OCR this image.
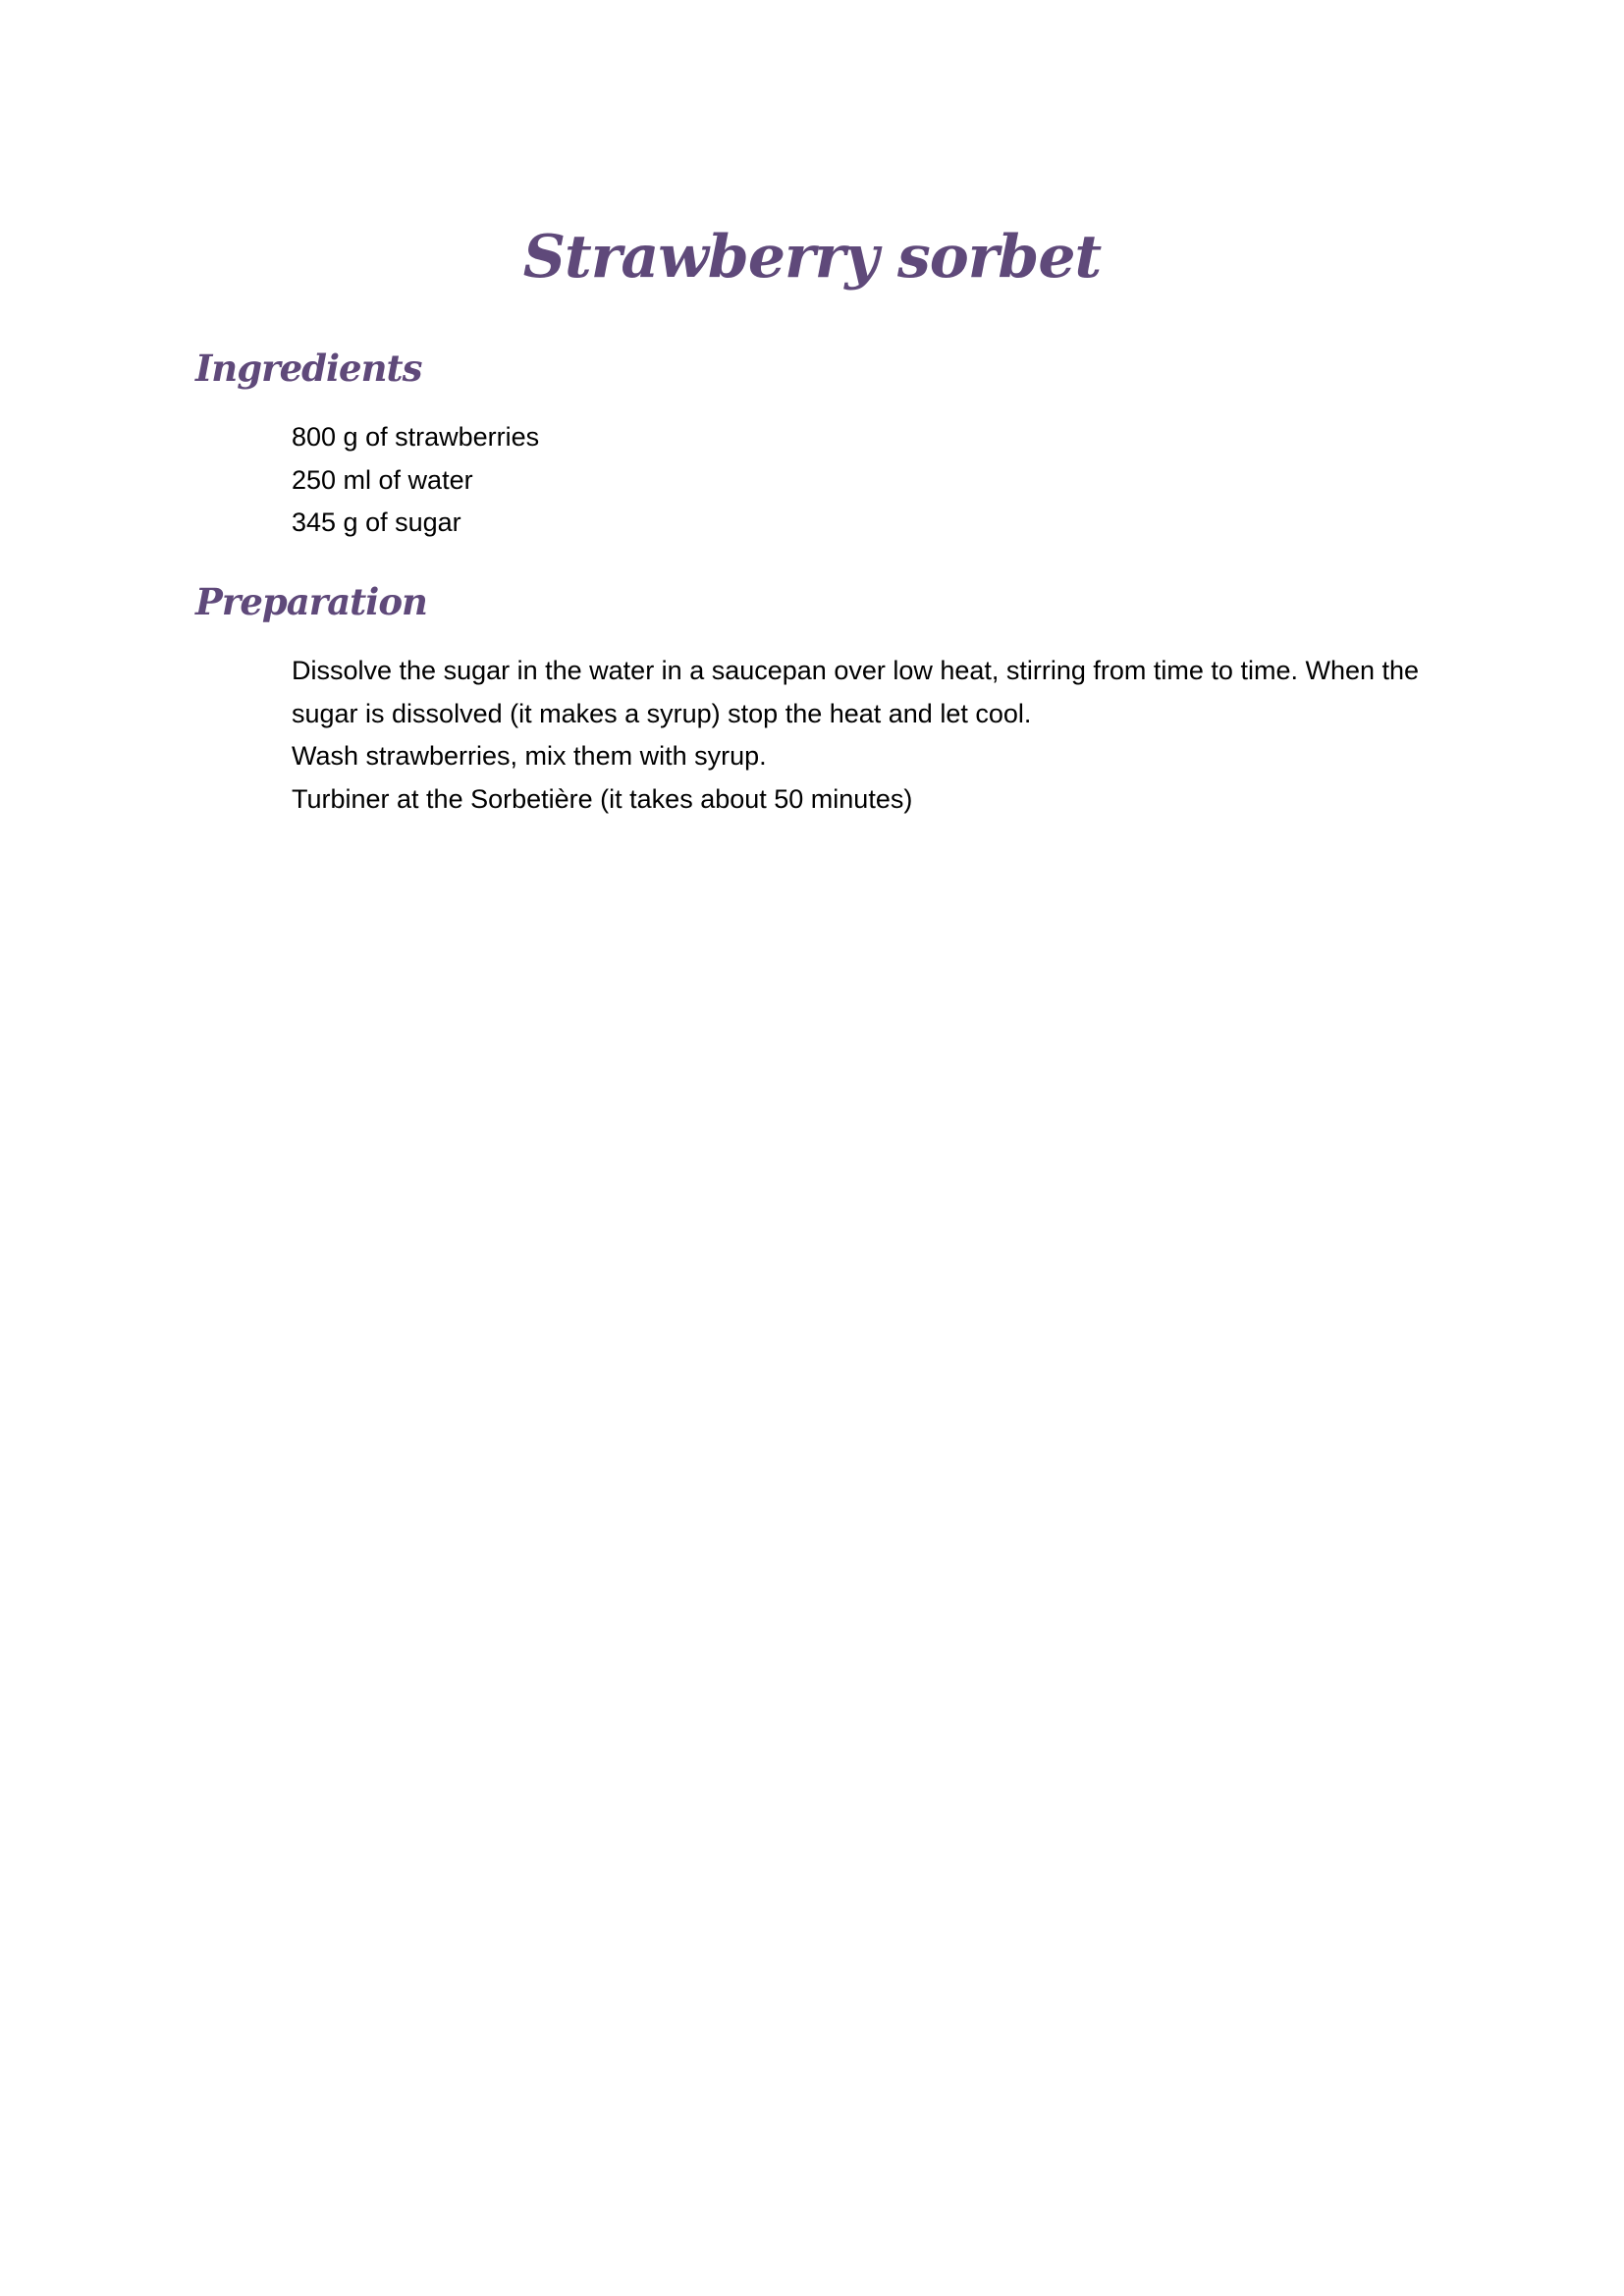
Strawberry sorbet
Ingredients
800 g of strawberries
250 ml of water
345 g of sugar
Preparation
Dissolve the sugar in the water in a saucepan over low heat, stirring from time to time. When the sugar is dissolved (it makes a syrup) stop the heat and let cool.
Wash strawberries, mix them with syrup.
Turbiner at the Sorbetière (it takes about 50 minutes)
